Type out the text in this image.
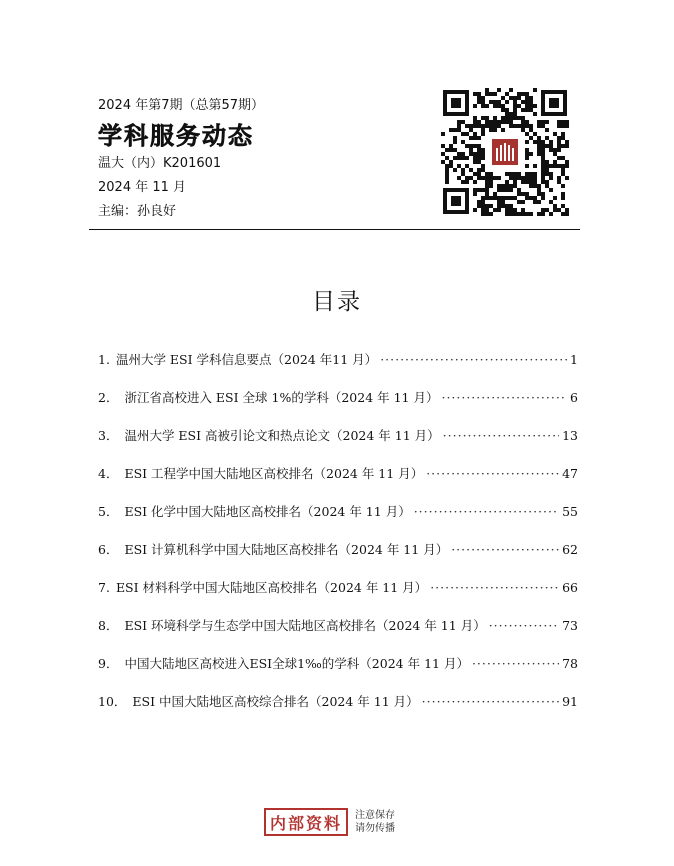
2024 年第7期（总第57期）
学科服务动态
温大（内）K201601
2024 年 11 月
主编：孙良好
目录
1. 温州大学 ESI 学科信息要点（2024 年11 月） ·····	1
2． 浙江省高校进入 ESI 全球 1%的学科（2024 年 11 月） ·····	6
3． 温州大学 ESI 高被引论文和热点论文（2024 年 11 月） ·····	13
4． ESI 工程学中国大陆地区高校排名（2024 年 11 月） ·····	47
5． ESI 化学中国大陆地区高校排名（2024 年 11 月） ·····	55
6． ESI 计算机科学中国大陆地区高校排名（2024 年 11 月） ·····	62
7. ESI 材料科学中国大陆地区高校排名（2024 年 11 月） ·····	66
8． ESI 环境科学与生态学中国大陆地区高校排名（2024 年 11 月） ·····	73
9． 中国大陆地区高校进入ESI全球1‰的学科（2024 年 11 月） ·····	78
10． ESI 中国大陆地区高校综合排名（2024 年 11 月） ·····	91
内部资料	注意保存
请勿传播
